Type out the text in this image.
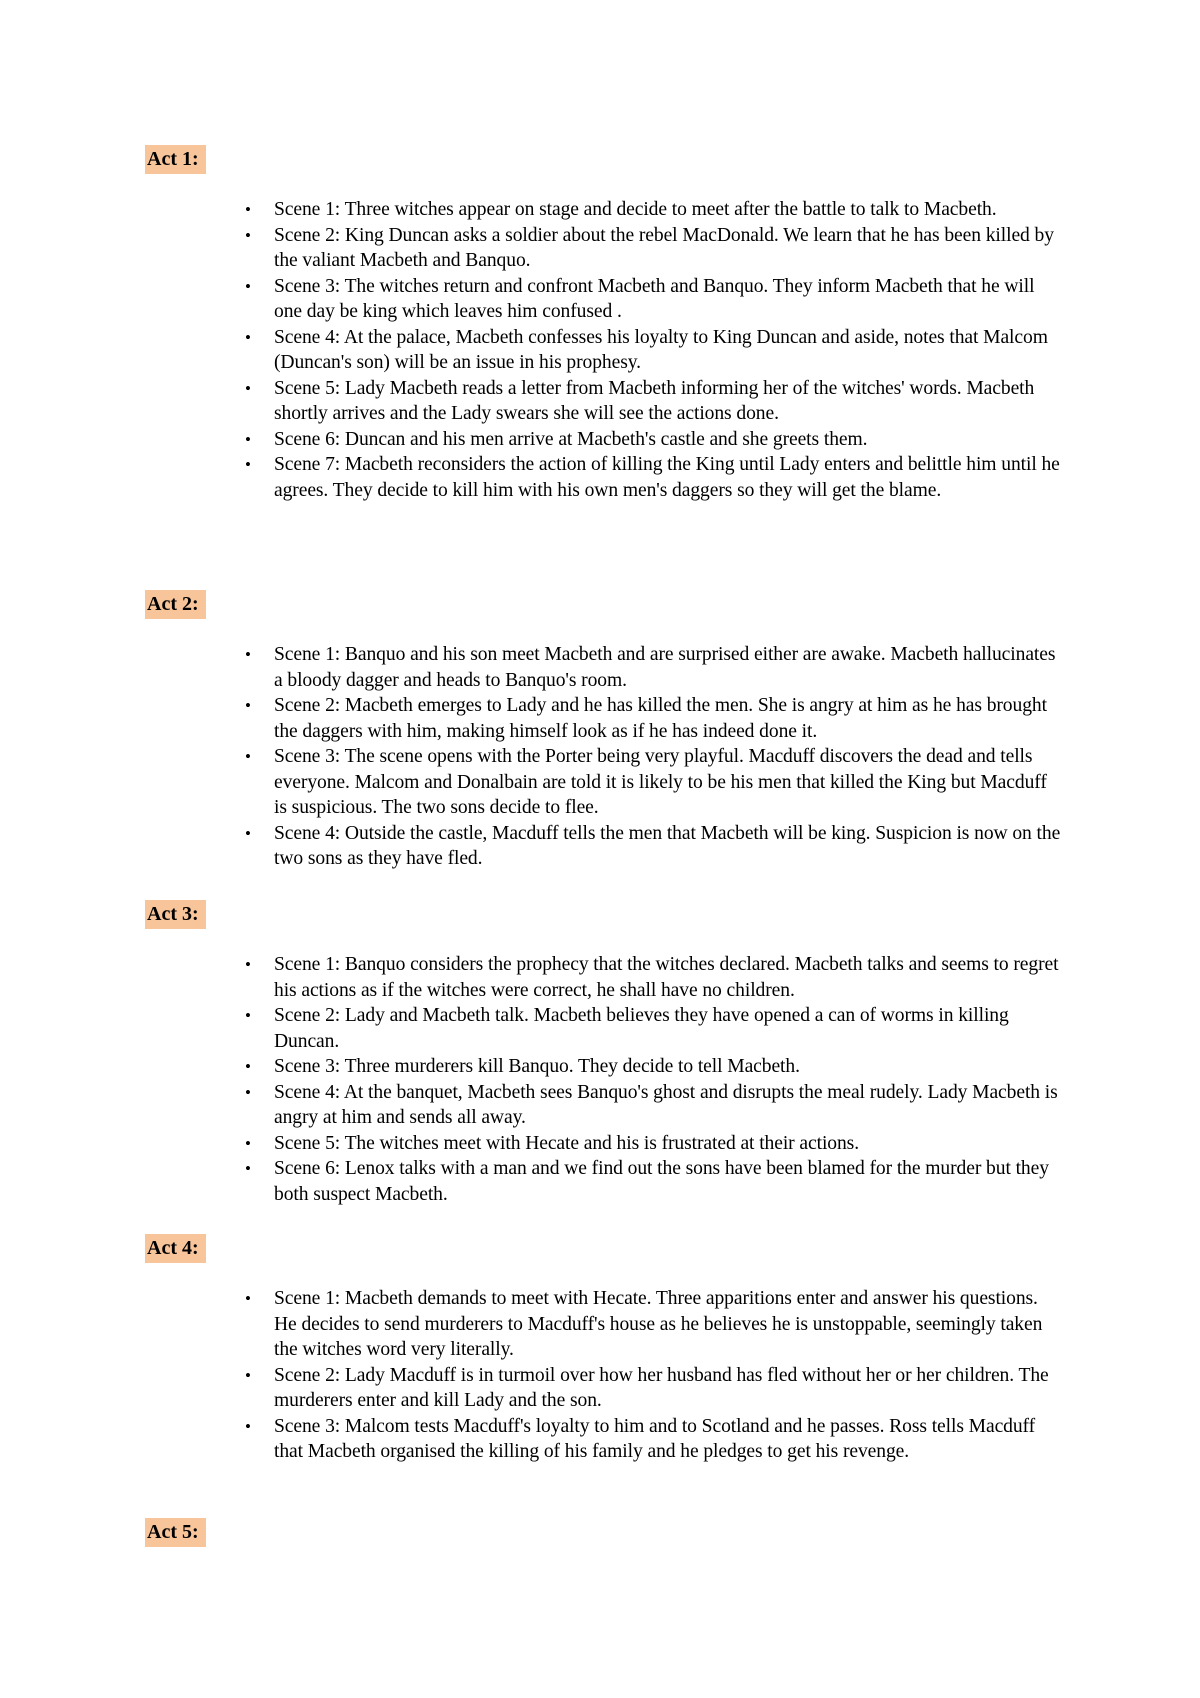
Act 1:
• Scene 1: Three witches appear on stage and decide to meet after the battle to talk to Macbeth.
• Scene 2: King Duncan asks a soldier about the rebel MacDonald. We learn that he has been killed by the valiant Macbeth and Banquo.
• Scene 3: The witches return and confront Macbeth and Banquo. They inform Macbeth that he will one day be king which leaves him confused .
• Scene 4: At the palace, Macbeth confesses his loyalty to King Duncan and aside, notes that Malcom (Duncan's son) will be an issue in his prophesy.
• Scene 5: Lady Macbeth reads a letter from Macbeth informing her of the witches' words. Macbeth shortly arrives and the Lady swears she will see the actions done.
• Scene 6: Duncan and his men arrive at Macbeth's castle and she greets them.
• Scene 7: Macbeth reconsiders the action of killing the King until Lady enters and belittle him until he agrees. They decide to kill him with his own men's daggers so they will get the blame.
Act 2:
• Scene 1: Banquo and his son meet Macbeth and are surprised either are awake. Macbeth hallucinates a bloody dagger and heads to Banquo's room.
• Scene 2: Macbeth emerges to Lady and he has killed the men. She is angry at him as he has brought the daggers with him, making himself look as if he has indeed done it.
• Scene 3: The scene opens with the Porter being very playful. Macduff discovers the dead and tells everyone. Malcom and Donalbain are told it is likely to be his men that killed the King but Macduff is suspicious. The two sons decide to flee.
• Scene 4: Outside the castle, Macduff tells the men that Macbeth will be king. Suspicion is now on the two sons as they have fled.
Act 3:
• Scene 1: Banquo considers the prophecy that the witches declared. Macbeth talks and seems to regret his actions as if the witches were correct, he shall have no children.
• Scene 2: Lady and Macbeth talk. Macbeth believes they have opened a can of worms in killing Duncan.
• Scene 3: Three murderers kill Banquo. They decide to tell Macbeth.
• Scene 4: At the banquet, Macbeth sees Banquo's ghost and disrupts the meal rudely. Lady Macbeth is angry at him and sends all away.
• Scene 5: The witches meet with Hecate and his is frustrated at their actions.
• Scene 6: Lenox talks with a man and we find out the sons have been blamed for the murder but they both suspect Macbeth.
Act 4:
• Scene 1: Macbeth demands to meet with Hecate. Three apparitions enter and answer his questions. He decides to send murderers to Macduff's house as he believes he is unstoppable, seemingly taken the witches word very literally.
• Scene 2: Lady Macduff is in turmoil over how her husband has fled without her or her children. The murderers enter and kill Lady and the son.
• Scene 3: Malcom tests Macduff's loyalty to him and to Scotland and he passes. Ross tells Macduff that Macbeth organised the killing of his family and he pledges to get his revenge.
Act 5:
